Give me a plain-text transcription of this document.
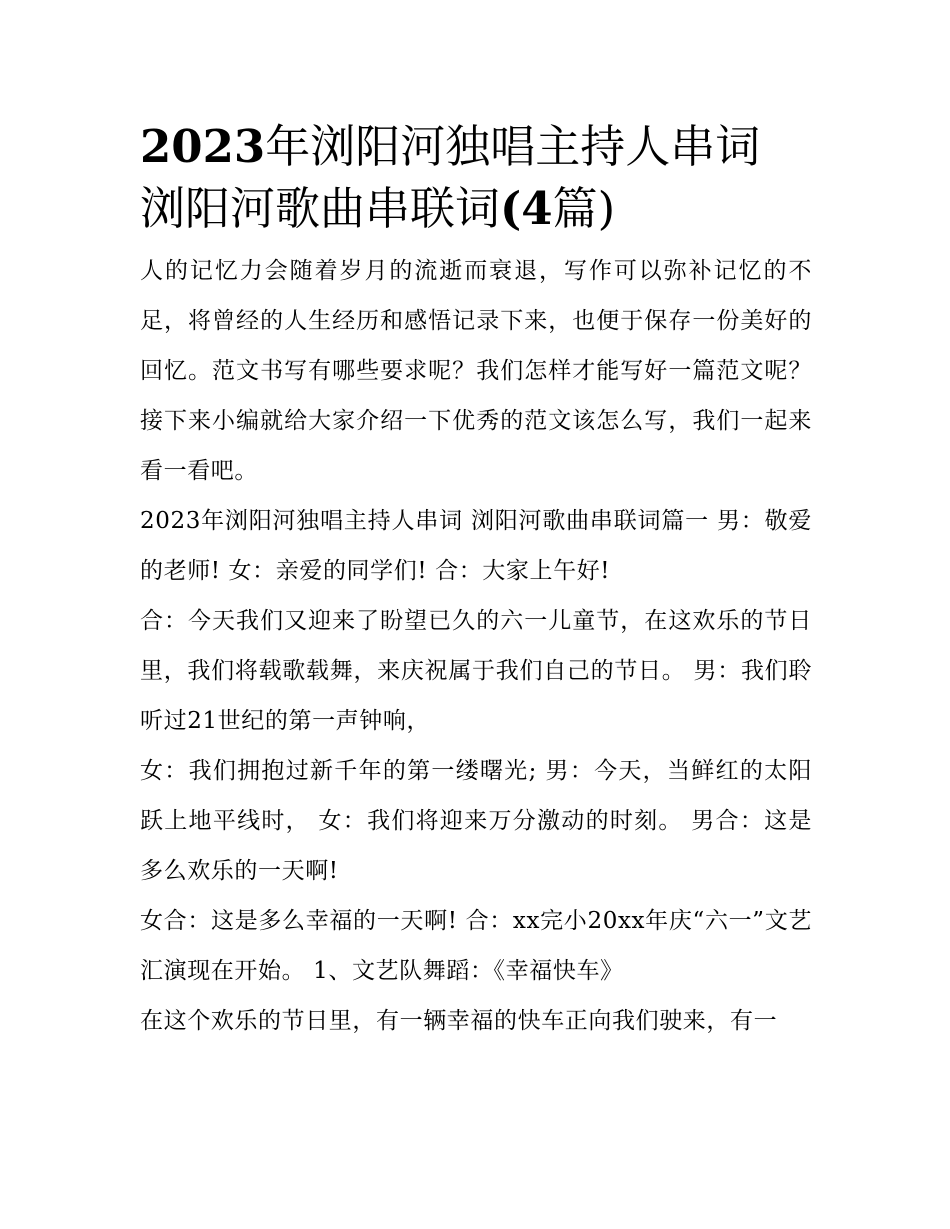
2023年浏阳河独唱主持人串词
浏阳河歌曲串联词(4篇)

人的记忆力会随着岁月的流逝而衰退，写作可以弥补记忆的不足，将曾经的人生经历和感悟记录下来，也便于保存一份美好的回忆。范文书写有哪些要求呢？我们怎样才能写好一篇范文呢？接下来小编就给大家介绍一下优秀的范文该怎么写，我们一起来看一看吧。

2023年浏阳河独唱主持人串词 浏阳河歌曲串联词篇一 男：敬爱的老师! 女：亲爱的同学们! 合：大家上午好!

合：今天我们又迎来了盼望已久的六一儿童节，在这欢乐的节日里，我们将载歌载舞，来庆祝属于我们自己的节日。 男：我们聆听过21世纪的第一声钟响，

女：我们拥抱过新千年的第一缕曙光; 男：今天，当鲜红的太阳跃上地平线时， 女：我们将迎来万分激动的时刻。 男合：这是多么欢乐的一天啊!

女合：这是多么幸福的一天啊! 合：xx完小20xx年庆“六一”文艺汇演现在开始。 1、文艺队舞蹈：《幸福快车》

在这个欢乐的节日里，有一辆幸福的快车正向我们驶来，有一
